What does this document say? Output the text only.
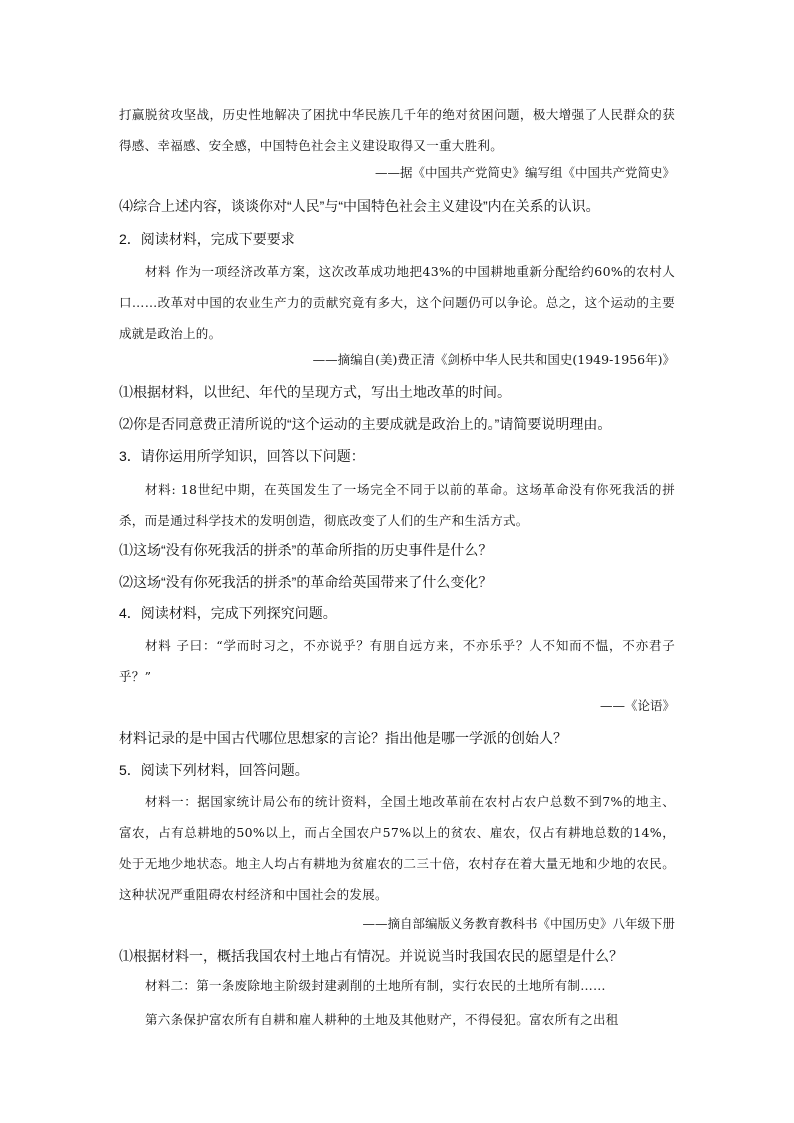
打赢脱贫攻坚战，历史性地解决了困扰中华民族几千年的绝对贫困问题，极大增强了人民群众的获得感、幸福感、安全感，中国特色社会主义建设取得又一重大胜利。
——据《中国共产党简史》编写组《中国共产党简史》
⑷综合上述内容，谈谈你对“人民”与“中国特色社会主义建设”内在关系的认识。
2．阅读材料，完成下要要求
材料 作为一项经济改革方案，这次改革成功地把43%的中国耕地重新分配给约60%的农村人口……改革对中国的农业生产力的贡献究竟有多大，这个问题仍可以争论。总之，这个运动的主要成就是政治上的。
——摘编自(美)费正清《剑桥中华人民共和国史(1949-1956年)》
⑴根据材料，以世纪、年代的呈现方式，写出土地改革的时间。
⑵你是否同意费正清所说的“这个运动的主要成就是政治上的。”请简要说明理由。
3．请你运用所学知识，回答以下问题：
材料: 18世纪中期，在英国发生了一场完全不同于以前的革命。这场革命没有你死我活的拼杀，而是通过科学技术的发明创造，彻底改变了人们的生产和生活方式。
⑴这场“没有你死我活的拼杀”的革命所指的历史事件是什么？
⑵这场“没有你死我活的拼杀”的革命给英国带来了什么变化？
4．阅读材料，完成下列探究问题。
材料 子曰：“学而时习之，不亦说乎？有朋自远方来，不亦乐乎？人不知而不愠，不亦君子乎？”
——《论语》
材料记录的是中国古代哪位思想家的言论？指出他是哪一学派的创始人？
5．阅读下列材料，回答问题。
材料一：据国家统计局公布的统计资料，全国土地改革前在农村占农户总数不到7%的地主、富农，占有总耕地的50%以上，而占全国农户57%以上的贫农、雇农，仅占有耕地总数的14%，处于无地少地状态。地主人均占有耕地为贫雇农的二三十倍，农村存在着大量无地和少地的农民。这种状况严重阻碍农村经济和中国社会的发展。
——摘自部编版义务教育教科书《中国历史》八年级下册
⑴根据材料一，概括我国农村土地占有情况。并说说当时我国农民的愿望是什么？
材料二：第一条废除地主阶级封建剥削的土地所有制，实行农民的土地所有制……
第六条保护富农所有自耕和雇人耕种的土地及其他财产，不得侵犯。富农所有之出租
